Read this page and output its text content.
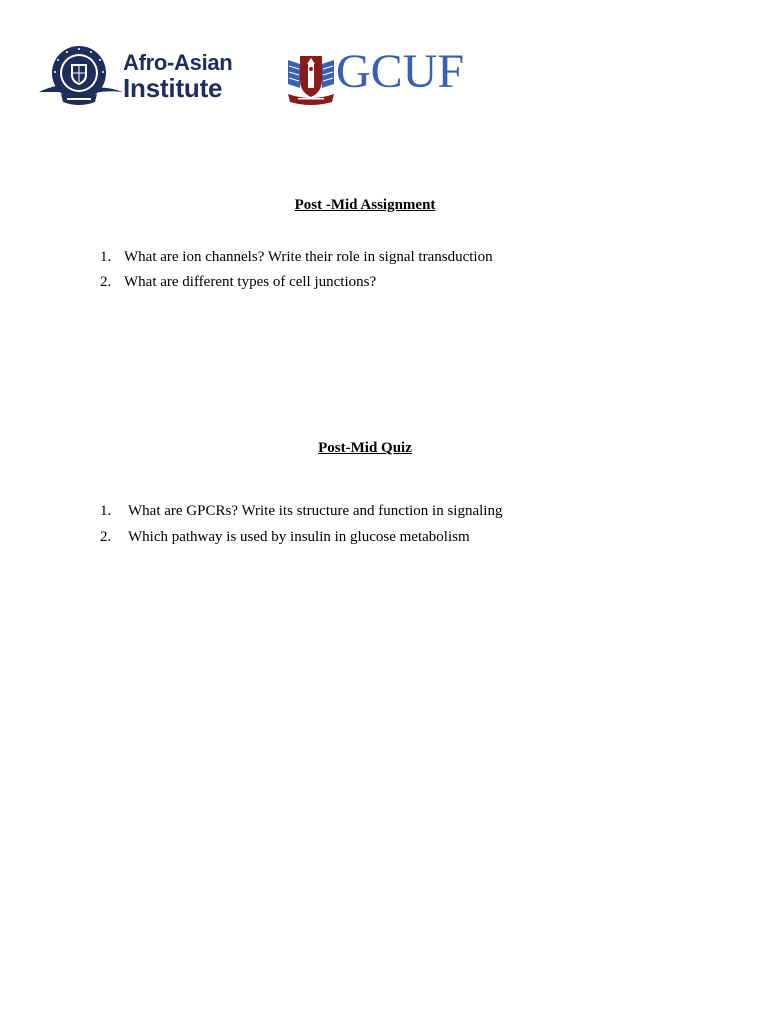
Afro-Asian
Institute GCUF
Post -Mid Assignment
1. What are ion channels? Write their role in signal transduction
2. What are different types of cell junctions?
Post-Mid Quiz
1. What are GPCRs? Write its structure and function in signaling
2. Which pathway is used by insulin in glucose metabolism
